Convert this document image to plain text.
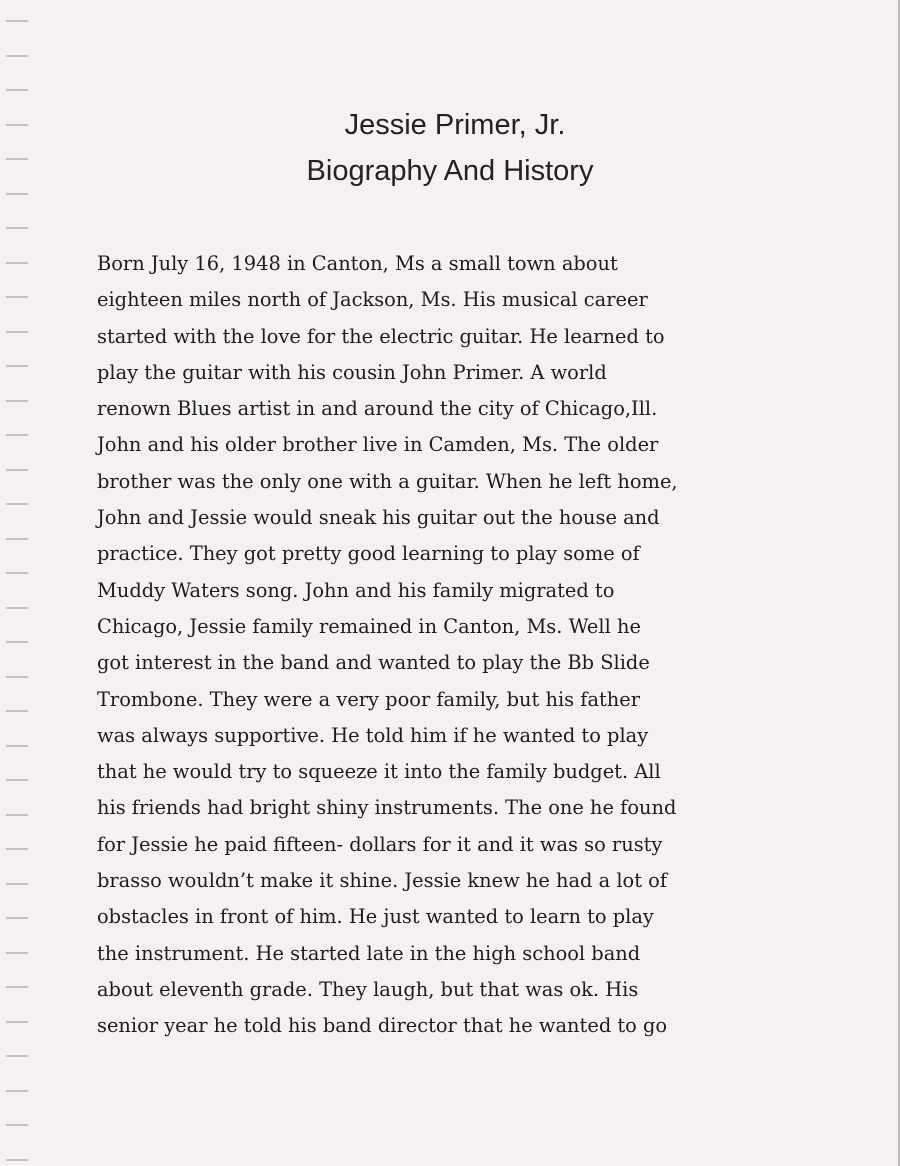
Jessie Primer, Jr.
Biography And History
Born July 16, 1948 in Canton, Ms a small town about
eighteen miles north of Jackson, Ms. His musical career
started with the love for the electric guitar. He learned to
play the guitar with his cousin John Primer. A world
renown Blues artist in and around the city of Chicago,Ill.
John and his older brother live in Camden, Ms. The older
brother was the only one with a guitar. When he left home,
John and Jessie would sneak his guitar out the house and
practice. They got pretty good learning to play some of
Muddy Waters song. John and his family migrated to
Chicago, Jessie family remained in Canton, Ms. Well he
got interest in the band and wanted to play the Bb Slide
Trombone. They were a very poor family, but his father
was always supportive. He told him if he wanted to play
that he would try to squeeze it into the family budget. All
his friends had bright shiny instruments. The one he found
for Jessie he paid fifteen- dollars for it and it was so rusty
brasso wouldn’t make it shine. Jessie knew he had a lot of
obstacles in front of him. He just wanted to learn to play
the instrument. He started late in the high school band
about eleventh grade. They laugh, but that was ok. His
senior year he told his band director that he wanted to go
